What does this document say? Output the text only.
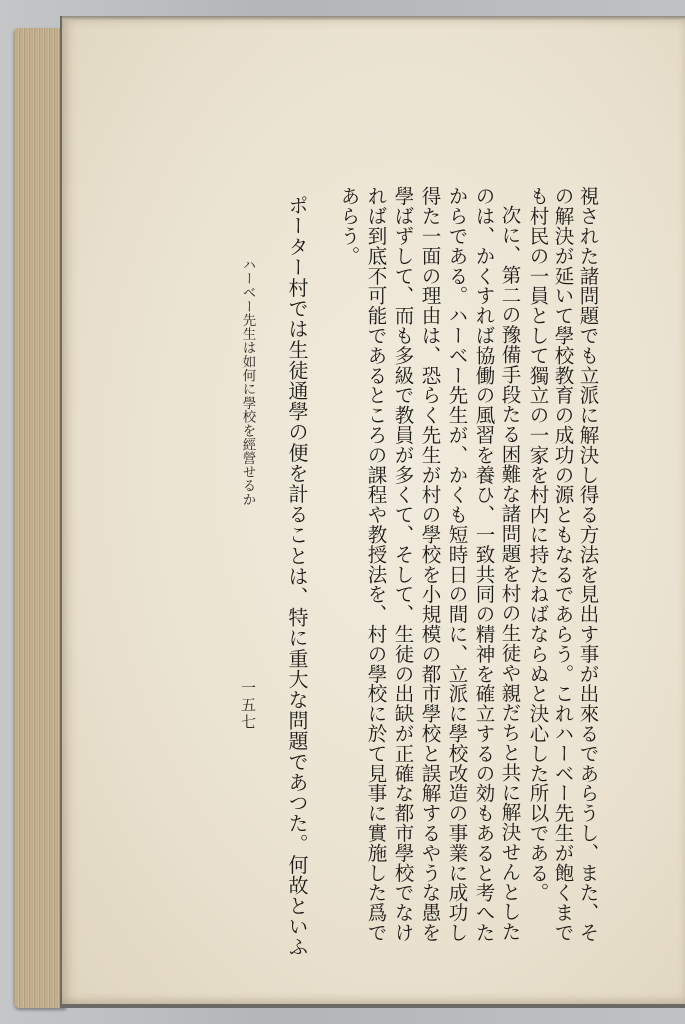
視された諸問題でも立派に解決し得る方法を見出す事が出來るであらうし、また、そ
の解決が延いて學校教育の成功の源ともなるであらう。これハーベー先生が飽くまで
も村民の一員として獨立の一家を村内に持たねばならぬと決心した所以である。
次に、第二の豫備手段たる困難な諸問題を村の生徒や親だちと共に解決せんとした
のは、かくすれば協働の風習を養ひ、一致共同の精神を確立するの効もあると考へた
からである。ハーベー先生が、かくも短時日の間に、立派に學校改造の事業に成功し
得た一面の理由は、恐らく先生が村の學校を小規模の都市學校と誤解するやうな愚を
學ばずして、而も多級で教員が多くて、そして、生徒の出缺が正確な都市學校でなけ
れば到底不可能であるところの課程や教授法を、村の學校に於て見事に實施した爲で
あらう。
ポーター村では生徒通學の便を計ることは、特に重大な問題であつた。何故といふ
ハーベー先生は如何に學校を經營せるか
一五七
